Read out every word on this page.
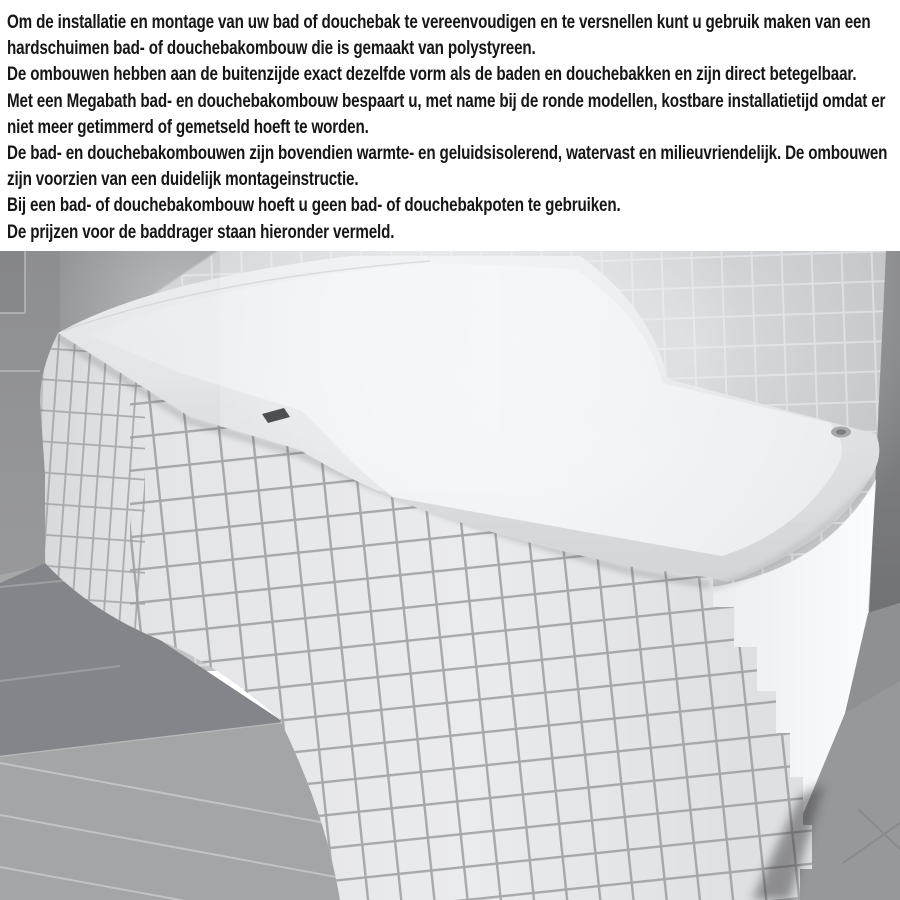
Om de installatie en montage van uw bad of douchebak te vereenvoudigen en te versnellen kunt u gebruik maken van een
hardschuimen bad- of douchebakombouw die is gemaakt van polystyreen.
De ombouwen hebben aan de buitenzijde exact dezelfde vorm als de baden en douchebakken en zijn direct betegelbaar.
Met een Megabath bad- en douchebakombouw bespaart u, met name bij de ronde modellen, kostbare installatietijd omdat er
niet meer getimmerd of gemetseld hoeft te worden.
De bad- en douchebakombouwen zijn bovendien warmte- en geluidsisolerend, watervast en milieuvriendelijk. De ombouwen
zijn voorzien van een duidelijk montageinstructie.
Bij een bad- of douchebakombouw hoeft u geen bad- of douchebakpoten te gebruiken.
De prijzen voor de baddrager staan hieronder vermeld.
